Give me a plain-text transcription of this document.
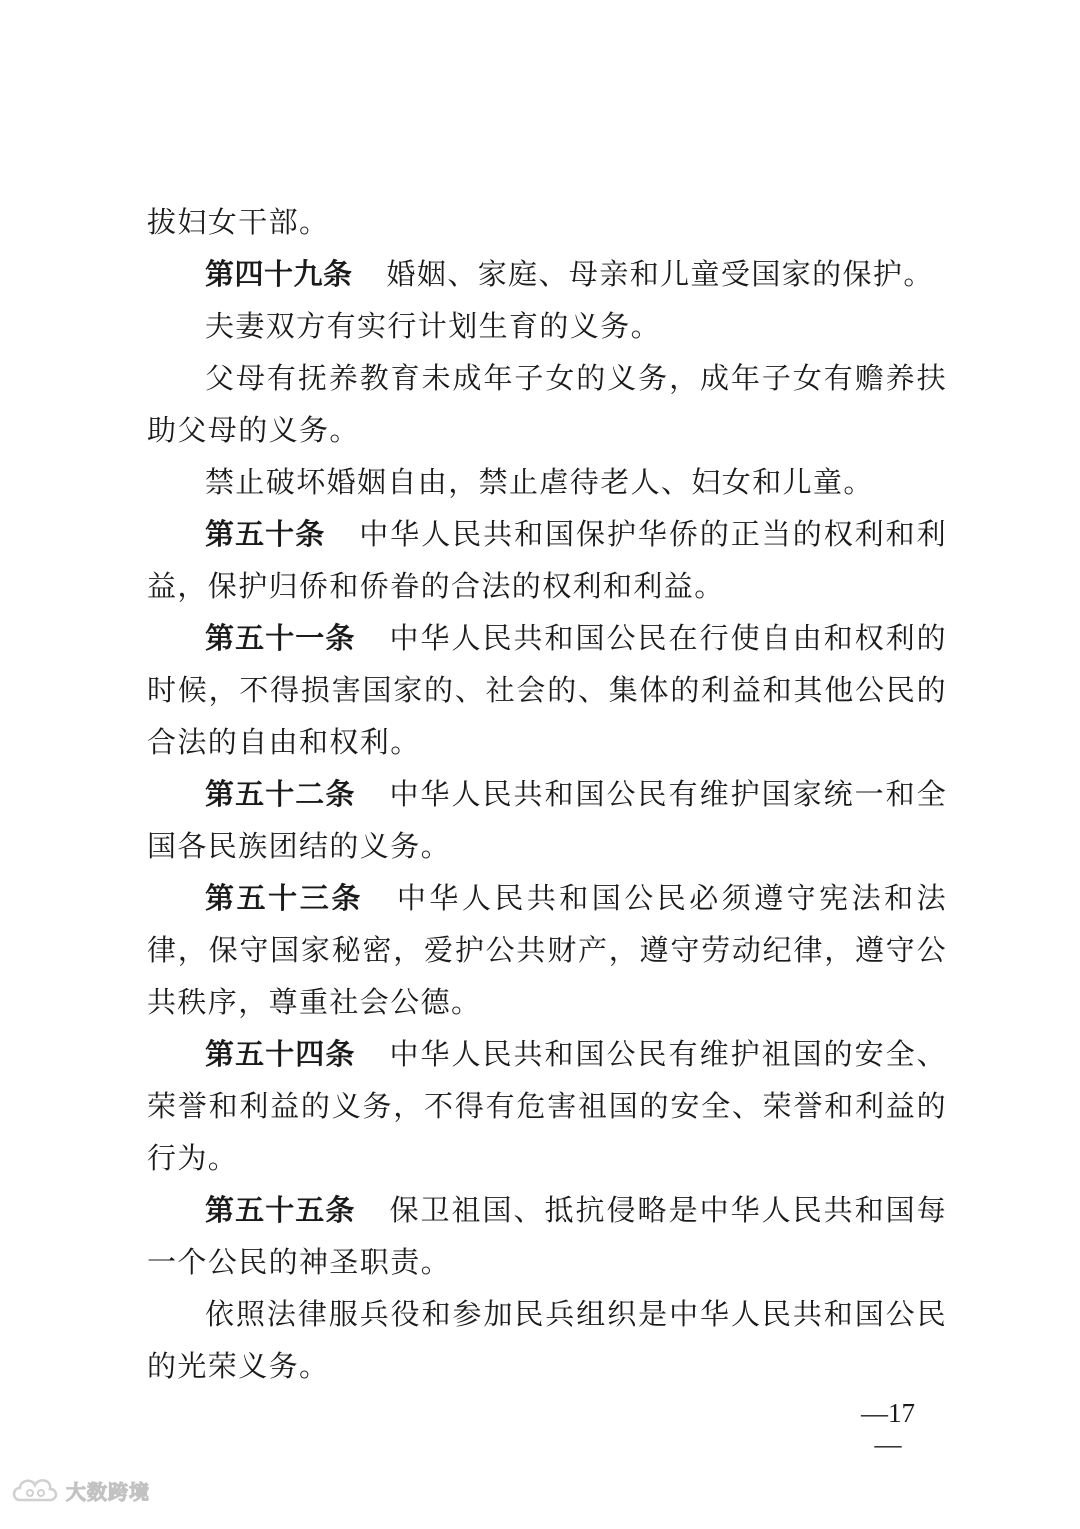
拔妇女干部。

第四十九条 婚姻、家庭、母亲和儿童受国家的保护。

夫妻双方有实行计划生育的义务。

父母有抚养教育未成年子女的义务，成年子女有赡养扶助父母的义务。

禁止破坏婚姻自由，禁止虐待老人、妇女和儿童。

第五十条 中华人民共和国保护华侨的正当的权利和利益，保护归侨和侨眷的合法的权利和利益。

第五十一条 中华人民共和国公民在行使自由和权利的时候，不得损害国家的、社会的、集体的利益和其他公民的合法的自由和权利。

第五十二条 中华人民共和国公民有维护国家统一和全国各民族团结的义务。

第五十三条 中华人民共和国公民必须遵守宪法和法律，保守国家秘密，爱护公共财产，遵守劳动纪律，遵守公共秩序，尊重社会公德。

第五十四条 中华人民共和国公民有维护祖国的安全、荣誉和利益的义务，不得有危害祖国的安全、荣誉和利益的行为。

第五十五条 保卫祖国、抵抗侵略是中华人民共和国每一个公民的神圣职责。

依照法律服兵役和参加民兵组织是中华人民共和国公民的光荣义务。

—17—
大数跨境
